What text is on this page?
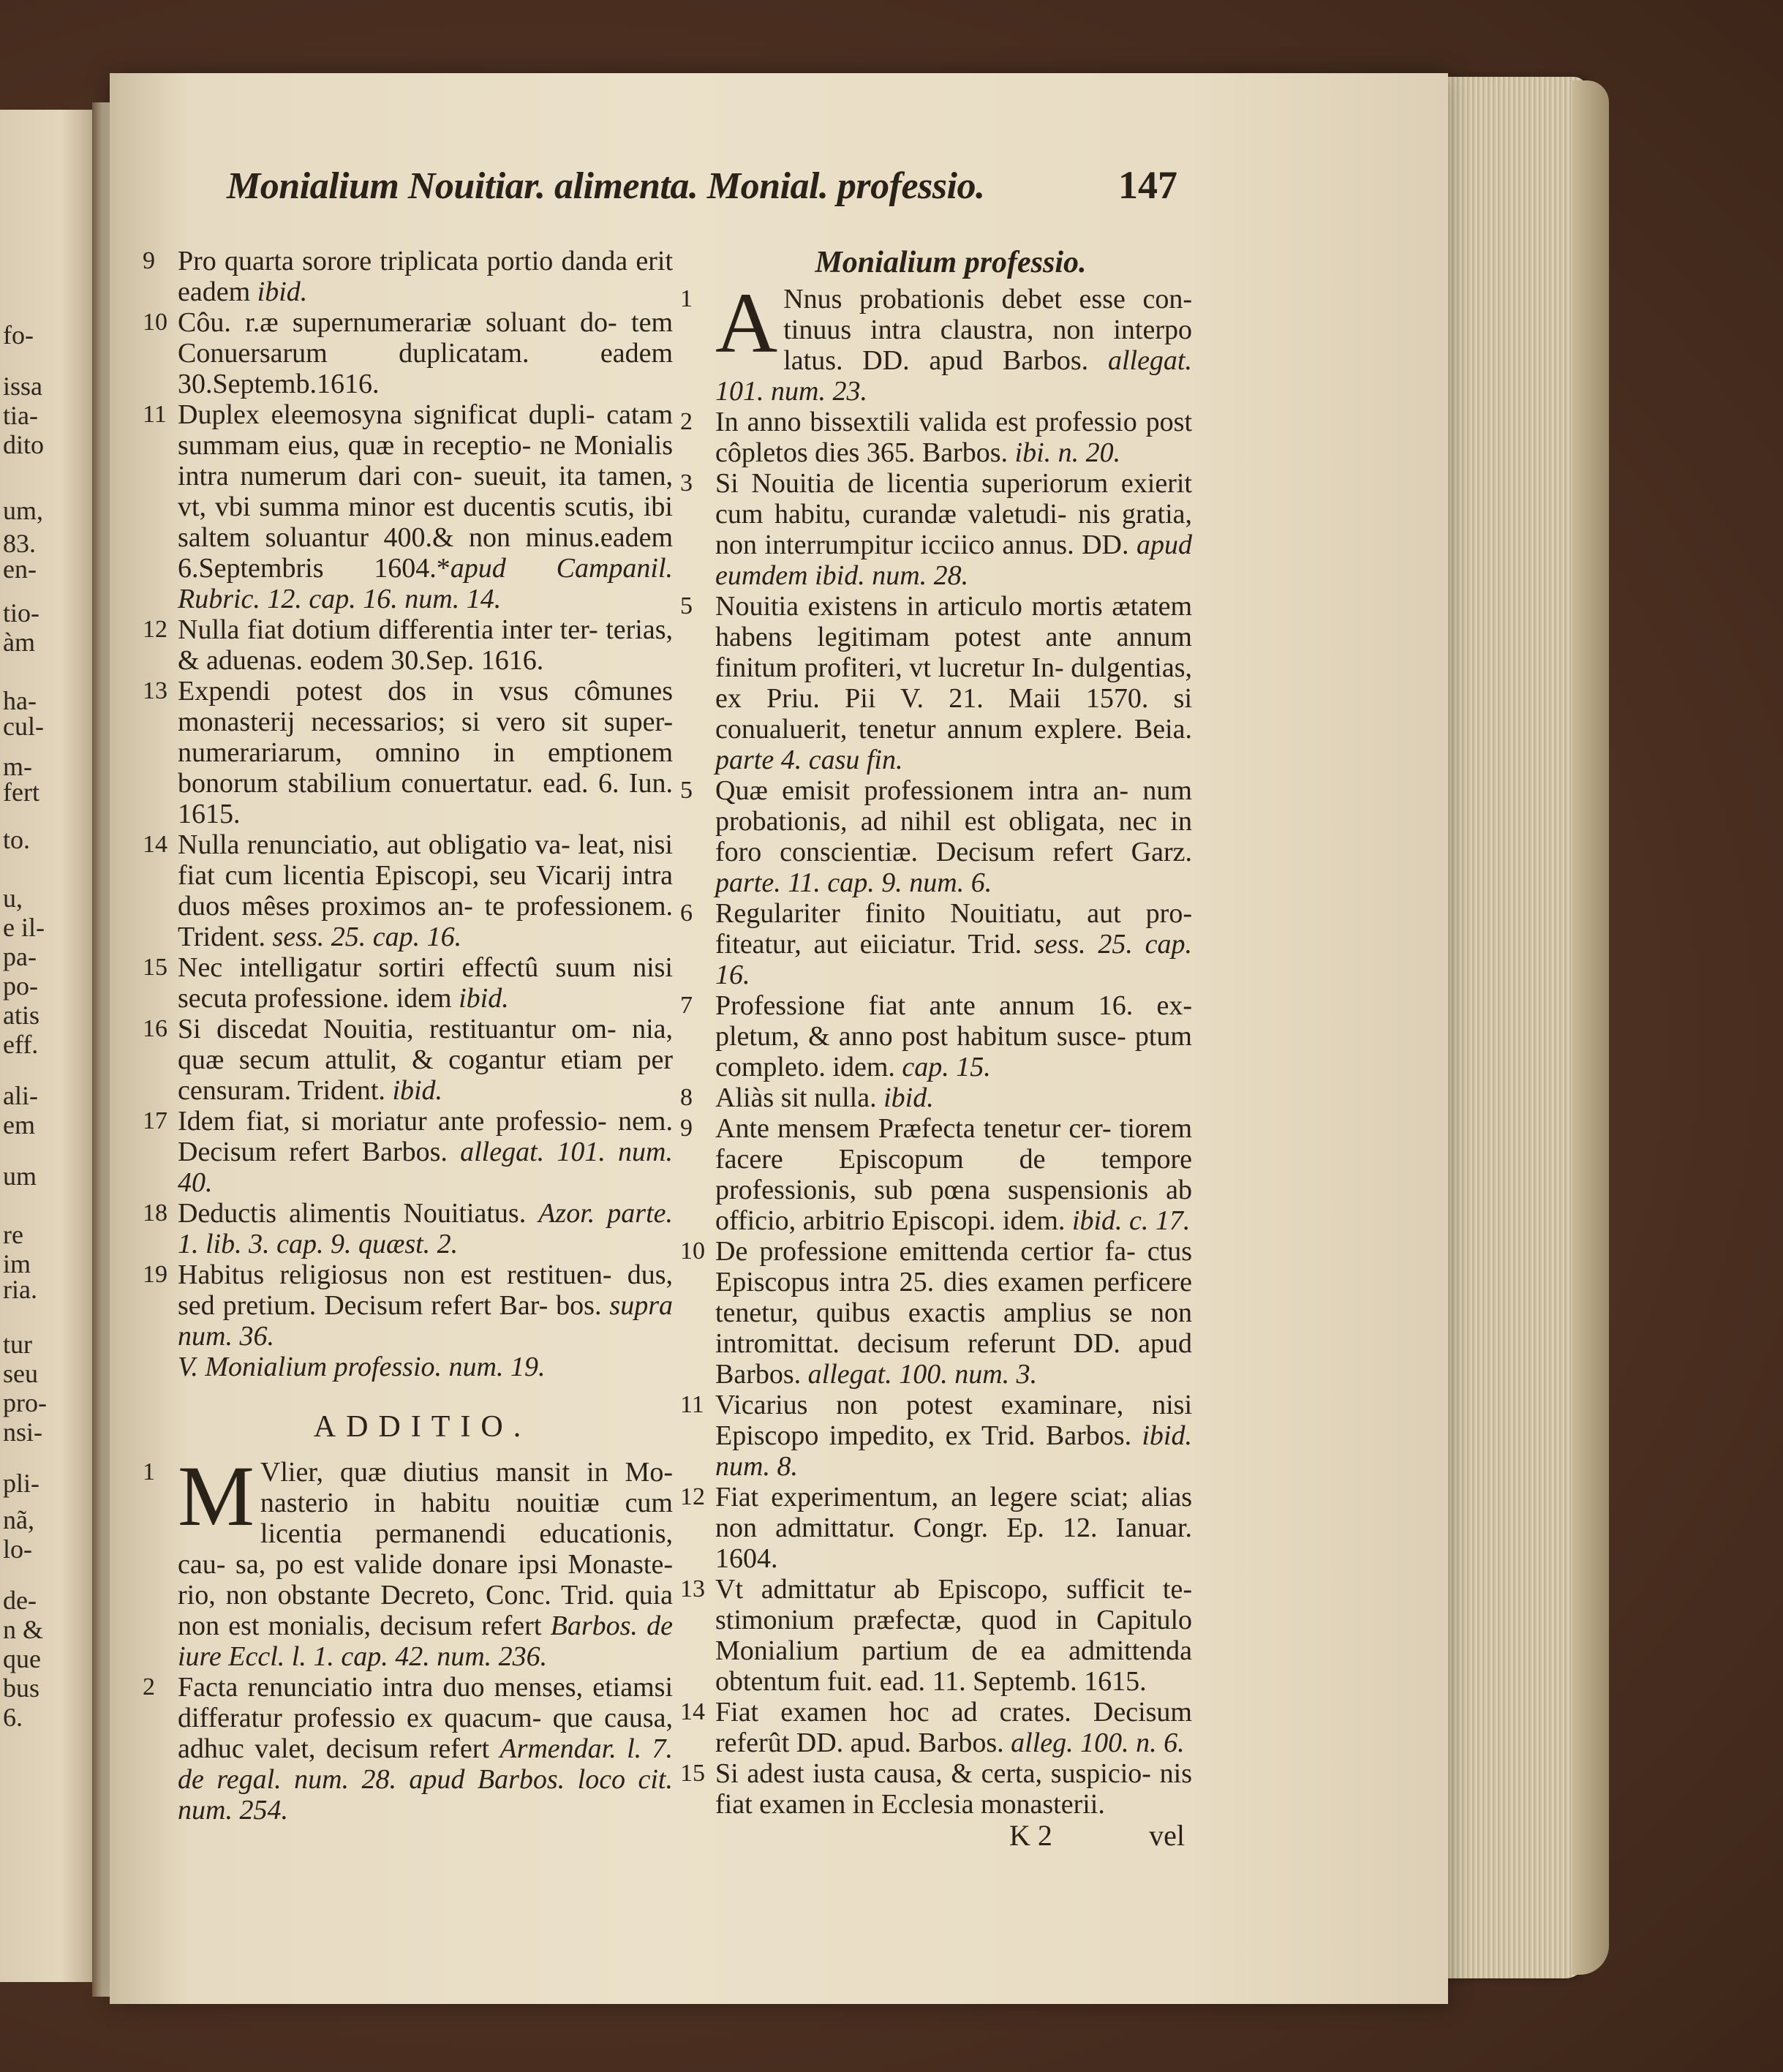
fo-
issa
tia-
dito
um,
83.
en-
tio-
àm
ha-
cul-
m-
fert
to.
u,
e il-
pa-
po-
atis
eff.
ali-
em
um
re
im
ria.
tur
seu
pro-
nsi-
pli-
nã,
lo-
de-
n &
que
bus
6.
Monialium Nouitiar. alimenta. Monial. professio.	147
9 Pro quarta sorore triplicata portio danda erit eadem ibid.
10 Côu. r.æ supernumerariæ soluant do- tem Conuersarum duplicatam. eadem 30.Septemb.1616.
11 Duplex eleemosyna significat dupli- catam summam eius, quæ in receptio- ne Monialis intra numerum dari con- sueuit, ita tamen, vt, vbi summa minor est ducentis scutis, ibi saltem soluantur 400.& non minus.eadem 6.Septembris 1604.*apud Campanil. Rubric. 12. cap. 16. num. 14.
12 Nulla fiat dotium differentia inter ter- terias, & aduenas. eodem 30.Sep. 1616.
13 Expendi potest dos in vsus cômunes monasterij necessarios; si vero sit super- numerariarum, omnino in emptionem bonorum stabilium conuertatur. ead. 6. Iun. 1615.
14 Nulla renunciatio, aut obligatio va- leat, nisi fiat cum licentia Episcopi, seu Vicarij intra duos mêses proximos an- te professionem. Trident. sess. 25. cap. 16.
15 Nec intelligatur sortiri effectû suum nisi secuta professione. idem ibid.
16 Si discedat Nouitia, restituantur om- nia, quæ secum attulit, & cogantur etiam per censuram. Trident. ibid.
17 Idem fiat, si moriatur ante professio- nem. Decisum refert Barbos. allegat. 101. num. 40.
18 Deductis alimentis Nouitiatus. Azor. parte. 1. lib. 3. cap. 9. quæst. 2.
19 Habitus religiosus non est restituen- dus, sed pretium. Decisum refert Bar- bos. supra num. 36.
V. Monialium professio. num. 19.
ADDITIO.
1 M Vlier, quæ diutius mansit in Mo- nasterio in habitu nouitiæ cum licentia permanendi educationis, cau- sa, po est valide donare ipsi Monaste- rio, non obstante Decreto, Conc. Trid. quia non est monialis, decisum refert Barbos. de iure Eccl. l. 1. cap. 42. num. 236.
2 Facta renunciatio intra duo menses, etiamsi differatur professio ex quacum- que causa, adhuc valet, decisum refert Armendar. l. 7. de regal. num. 28. apud Barbos. loco cit. num. 254.
Monialium professio.
1 A Nnus probationis debet esse con- tinuus intra claustra, non interpo latus. DD. apud Barbos. allegat. 101. num. 23.
2 In anno bissextili valida est professio post côpletos dies 365. Barbos. ibi. n. 20.
3 Si Nouitia de licentia superiorum exierit cum habitu, curandæ valetudi- nis gratia, non interrumpitur icciico annus. DD. apud eumdem ibid. num. 28.
5 Nouitia existens in articulo mortis ætatem habens legitimam potest ante annum finitum profiteri, vt lucretur In- dulgentias, ex Priu. Pii V. 21. Maii 1570. si conualuerit, tenetur annum explere. Beia. parte 4. casu fin.
5 Quæ emisit professionem intra an- num probationis, ad nihil est obligata, nec in foro conscientiæ. Decisum refert Garz. parte. 11. cap. 9. num. 6.
6 Regulariter finito Nouitiatu, aut pro- fiteatur, aut eiiciatur. Trid. sess. 25. cap. 16.
7 Professione fiat ante annum 16. ex- pletum, & anno post habitum susce- ptum completo. idem. cap. 15.
8 Aliàs sit nulla. ibid.
9 Ante mensem Præfecta tenetur cer- tiorem facere Episcopum de tempore professionis, sub pœna suspensionis ab officio, arbitrio Episcopi. idem. ibid. c. 17.
10 De professione emittenda certior fa- ctus Episcopus intra 25. dies examen perficere tenetur, quibus exactis amplius se non intromittat. decisum referunt DD. apud Barbos. allegat. 100. num. 3.
11 Vicarius non potest examinare, nisi Episcopo impedito, ex Trid. Barbos. ibid. num. 8.
12 Fiat experimentum, an legere sciat; alias non admittatur. Congr. Ep. 12. Ianuar. 1604.
13 Vt admittatur ab Episcopo, sufficit te- stimonium præfectæ, quod in Capitulo Monialium partium de ea admittenda obtentum fuit. ead. 11. Septemb. 1615.
14 Fiat examen hoc ad crates. Decisum referût DD. apud. Barbos. alleg. 100. n. 6.
15 Si adest iusta causa, & certa, suspicio- nis fiat examen in Ecclesia monasterii.
K 2	vel
